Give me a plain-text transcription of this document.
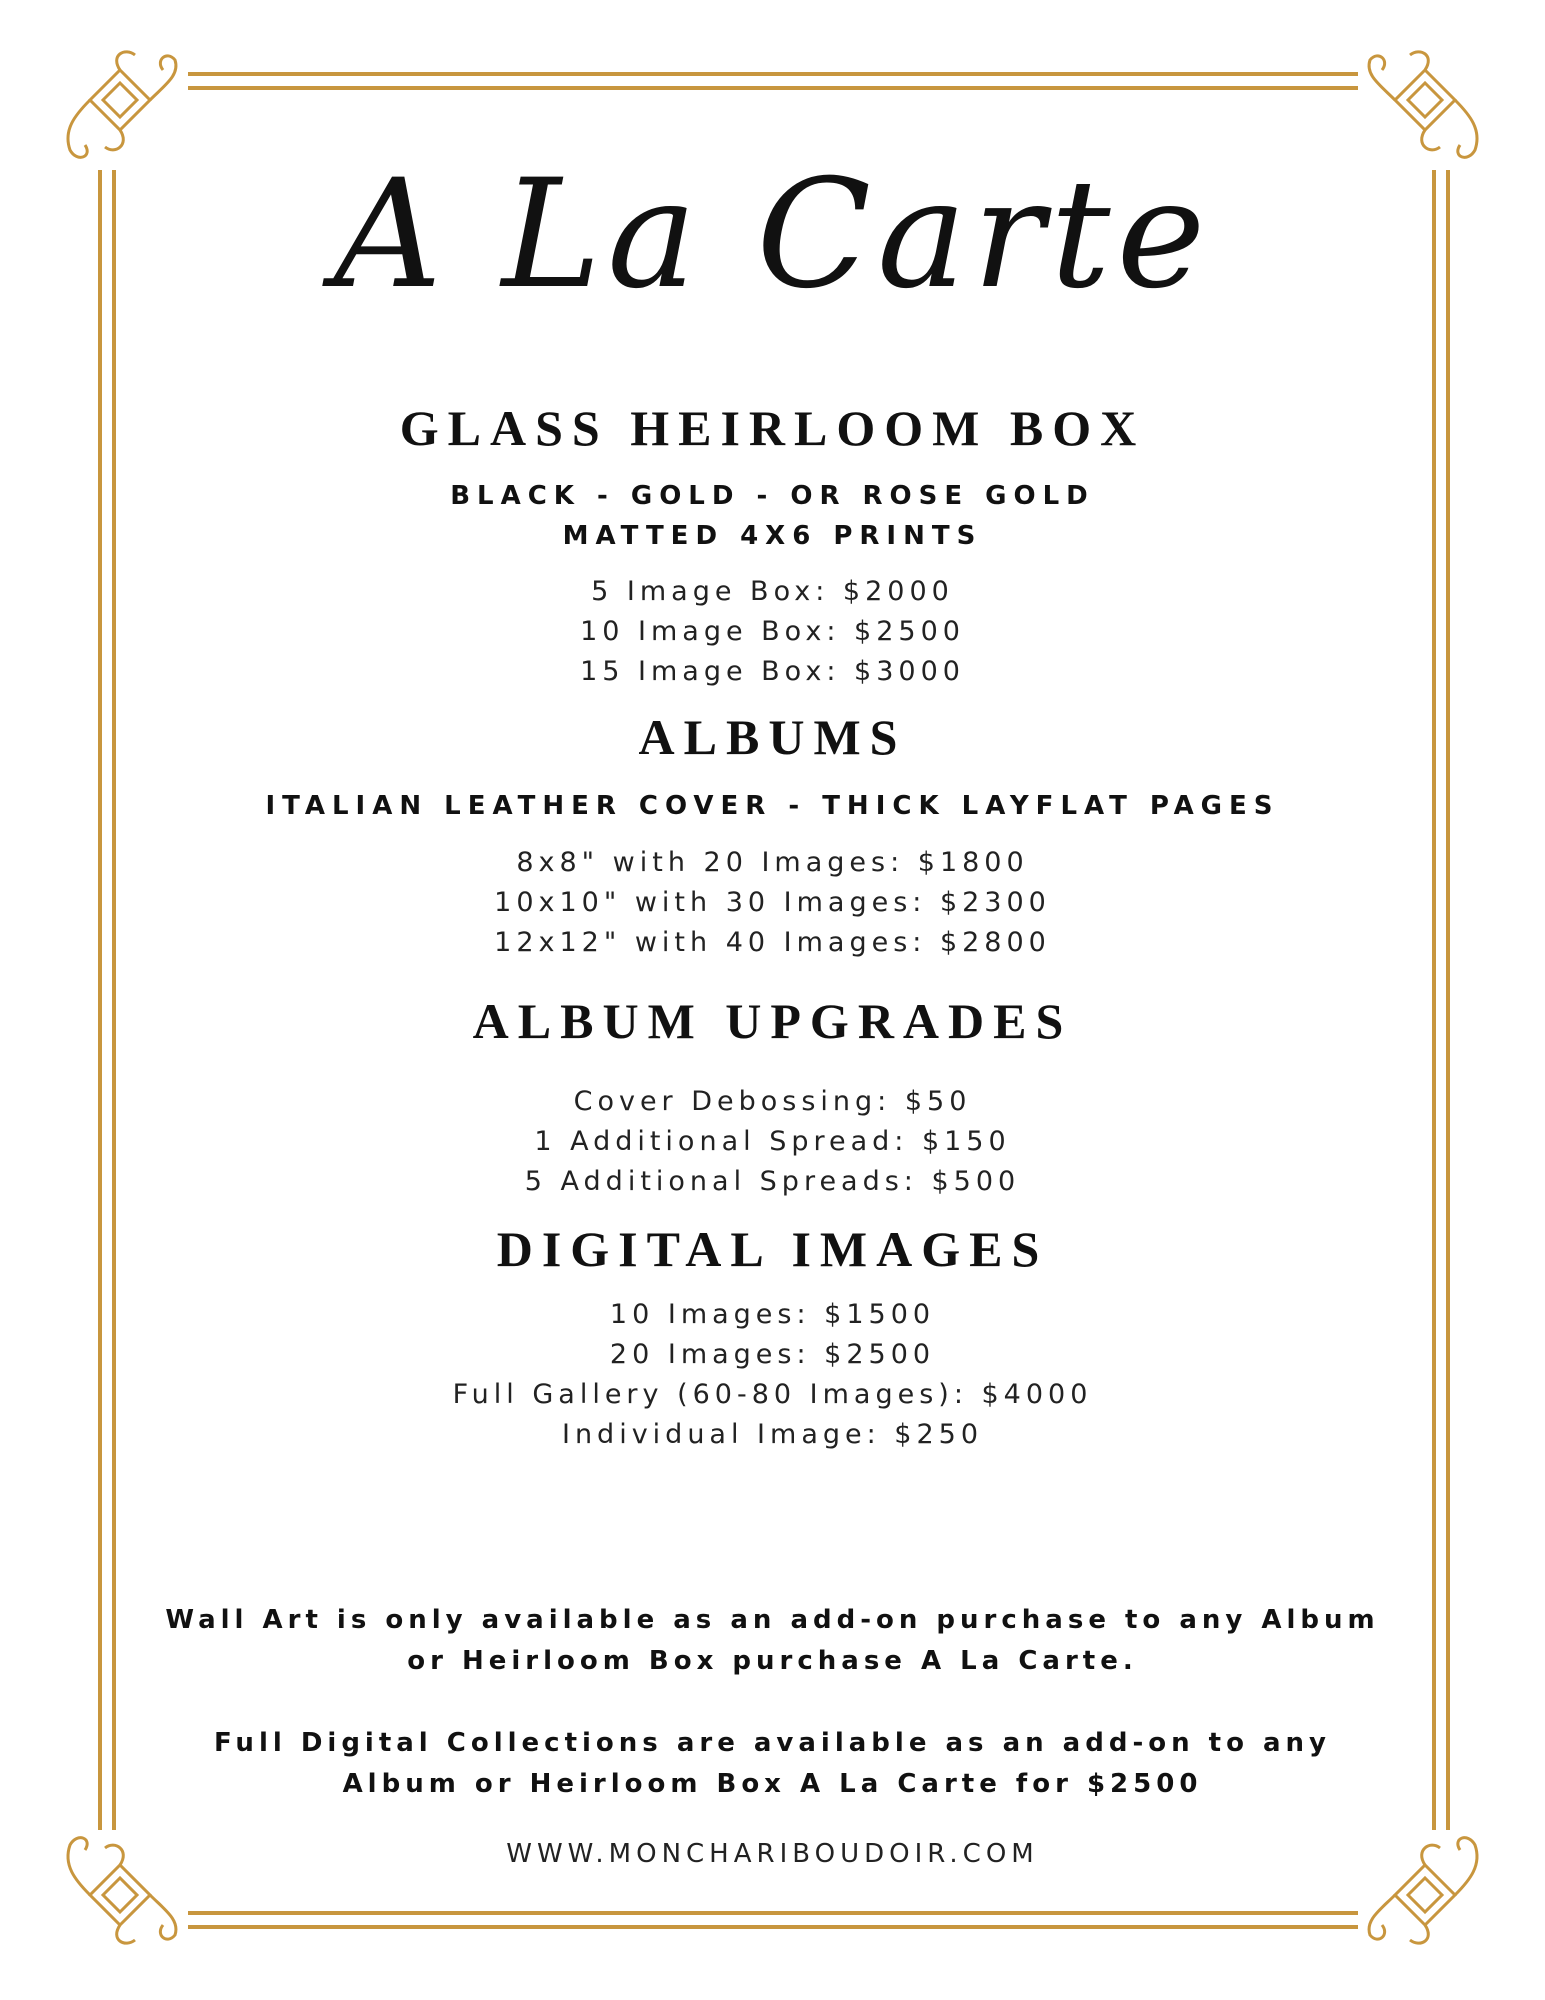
A La Carte
GLASS HEIRLOOM BOX
BLACK - GOLD - OR ROSE GOLD
MATTED 4X6 PRINTS
5 Image Box: $2000
10 Image Box: $2500
15 Image Box: $3000
ALBUMS
ITALIAN LEATHER COVER - THICK LAYFLAT PAGES
8x8" with 20 Images: $1800
10x10" with 30 Images: $2300
12x12" with 40 Images: $2800
ALBUM UPGRADES
Cover Debossing: $50
1 Additional Spread: $150
5 Additional Spreads: $500
DIGITAL IMAGES
10 Images: $1500
20 Images: $2500
Full Gallery (60-80 Images): $4000
Individual Image: $250
Wall Art is only available as an add-on purchase to any Album
or Heirloom Box purchase A La Carte.
Full Digital Collections are available as an add-on to any
Album or Heirloom Box A La Carte for $2500
WWW.MONCHARIBOUDOIR.COM
